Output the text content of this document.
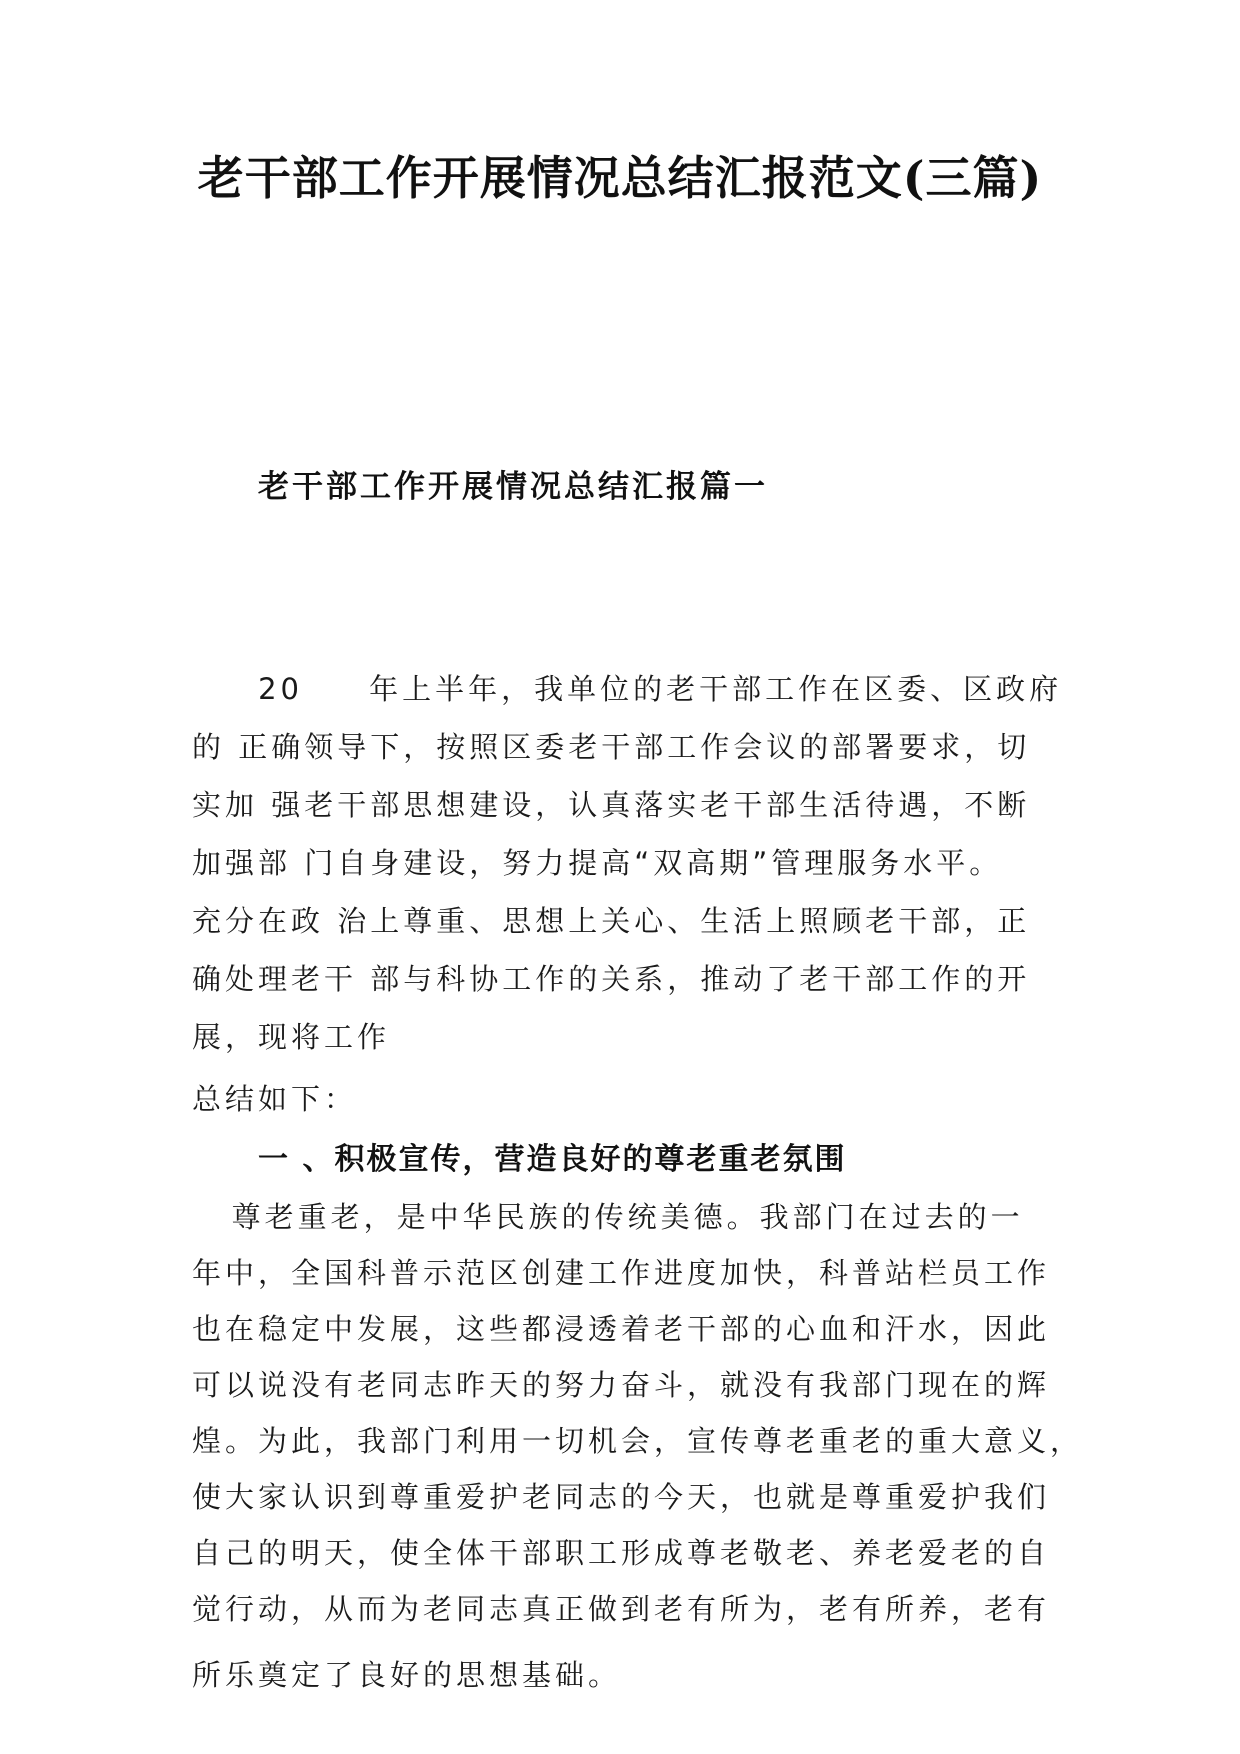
老干部工作开展情况总结汇报范文(三篇)
老干部工作开展情况总结汇报篇一
20     年上半年，我单位的老干部工作在区委、区政府
的 正确领导下，按照区委老干部工作会议的部署要求，切
实加 强老干部思想建设，认真落实老干部生活待遇，不断
加强部 门自身建设，努力提高“双高期”管理服务水平。
充分在政 治上尊重、思想上关心、生活上照顾老干部，正
确处理老干 部与科协工作的关系，推动了老干部工作的开
展，现将工作
总结如下：
一 、积极宣传，营造良好的尊老重老氛围
尊老重老，是中华民族的传统美德。我部门在过去的一
年中，全国科普示范区创建工作进度加快，科普站栏员工作
也在稳定中发展，这些都浸透着老干部的心血和汗水，因此
可以说没有老同志昨天的努力奋斗，就没有我部门现在的辉
煌。为此，我部门利用一切机会，宣传尊老重老的重大意义，
使大家认识到尊重爱护老同志的今天，也就是尊重爱护我们
自己的明天，使全体干部职工形成尊老敬老、养老爱老的自
觉行动，从而为老同志真正做到老有所为，老有所养，老有
所乐奠定了良好的思想基础。
